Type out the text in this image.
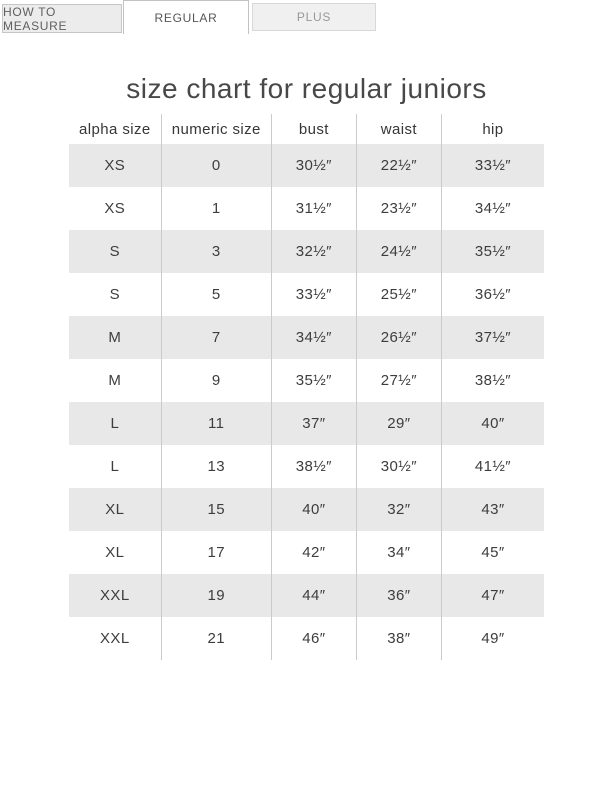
HOW TO MEASURE
REGULAR	PLUS
size chart for regular juniors
alpha size	numeric size	bust	waist	hip
XS	0	30½″	22½″	33½″
XS	1	31½″	23½″	34½″
S	3	32½″	24½″	35½″
S	5	33½″	25½″	36½″
M	7	34½″	26½″	37½″
M	9	35½″	27½″	38½″
L	11	37″	29″	40″
L	13	38½″	30½″	41½″
XL	15	40″	32″	43″
XL	17	42″	34″	45″
XXL	19	44″	36″	47″
XXL	21	46″	38″	49″
